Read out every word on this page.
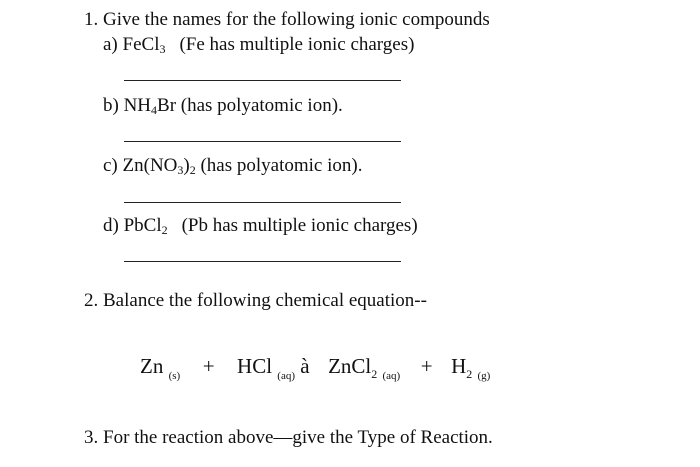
1. Give the names for the following ionic compounds
a) FeCl$_3$ (Fe has multiple ionic charges)
b) $NH_4Br$ (has polyatomic ion).
c) $Zn(NO_3)_2$ (has polyatomic ion).
d) PbCl$_2$ (Pb has multiple ionic charges)
2. Balance the following chemical equation--
Zn $_{(s)}$ + HCl $_{(aq)}$ à ZnCl$_2$ $_{(aq)} + H_2$ $_{(g)}$
3. For the reaction above—give the Type of Reaction.
